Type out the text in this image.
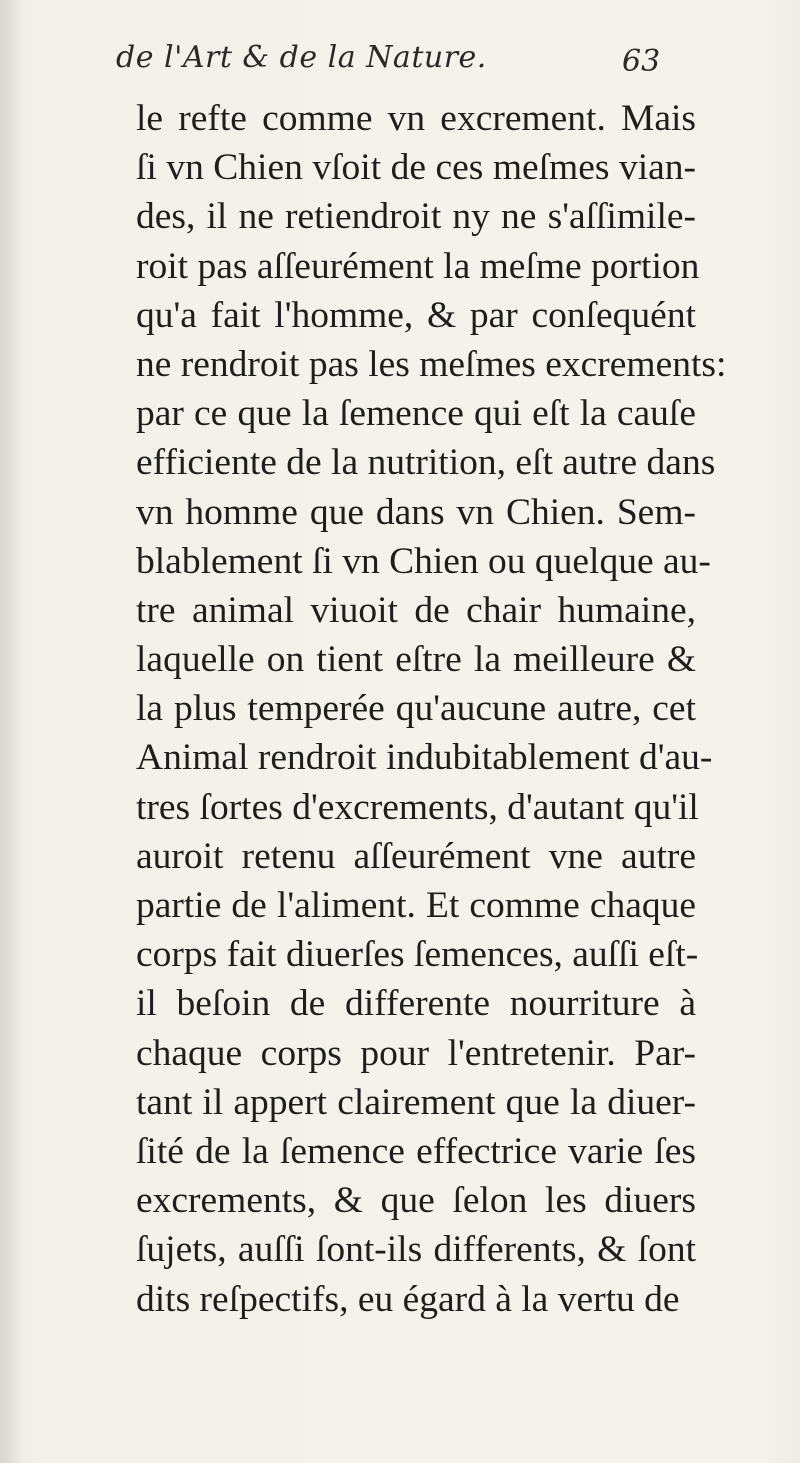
de l'Art & de la Nature.	63
le refte comme vn excrement. Mais
ſi vn Chien vſoit de ces meſmes vian-
des, il ne retiendroit ny ne s'aſſimile-
roit pas aſſeurément la meſme portion
qu'a fait l'homme, & par conſequént
ne rendroit pas les meſmes excrements:
par ce que la ſemence qui eſt la cauſe
efficiente de la nutrition, eſt autre dans
vn homme que dans vn Chien. Sem-
blablement ſi vn Chien ou quelque au-
tre animal viuoit de chair humaine,
laquelle on tient eſtre la meilleure &
la plus temperée qu'aucune autre, cet
Animal rendroit indubitablement d'au-
tres ſortes d'excrements, d'autant qu'il
auroit retenu aſſeurément vne autre
partie de l'aliment. Et comme chaque
corps fait diuerſes ſemences, auſſi eſt-
il beſoin de differente nourriture à
chaque corps pour l'entretenir. Par-
tant il appert clairement que la diuer-
ſité de la ſemence effectrice varie ſes
excrements, & que ſelon les diuers
ſujets, auſſi ſont-ils differents, & ſont
dits reſpectifs, eu égard à la vertu de
